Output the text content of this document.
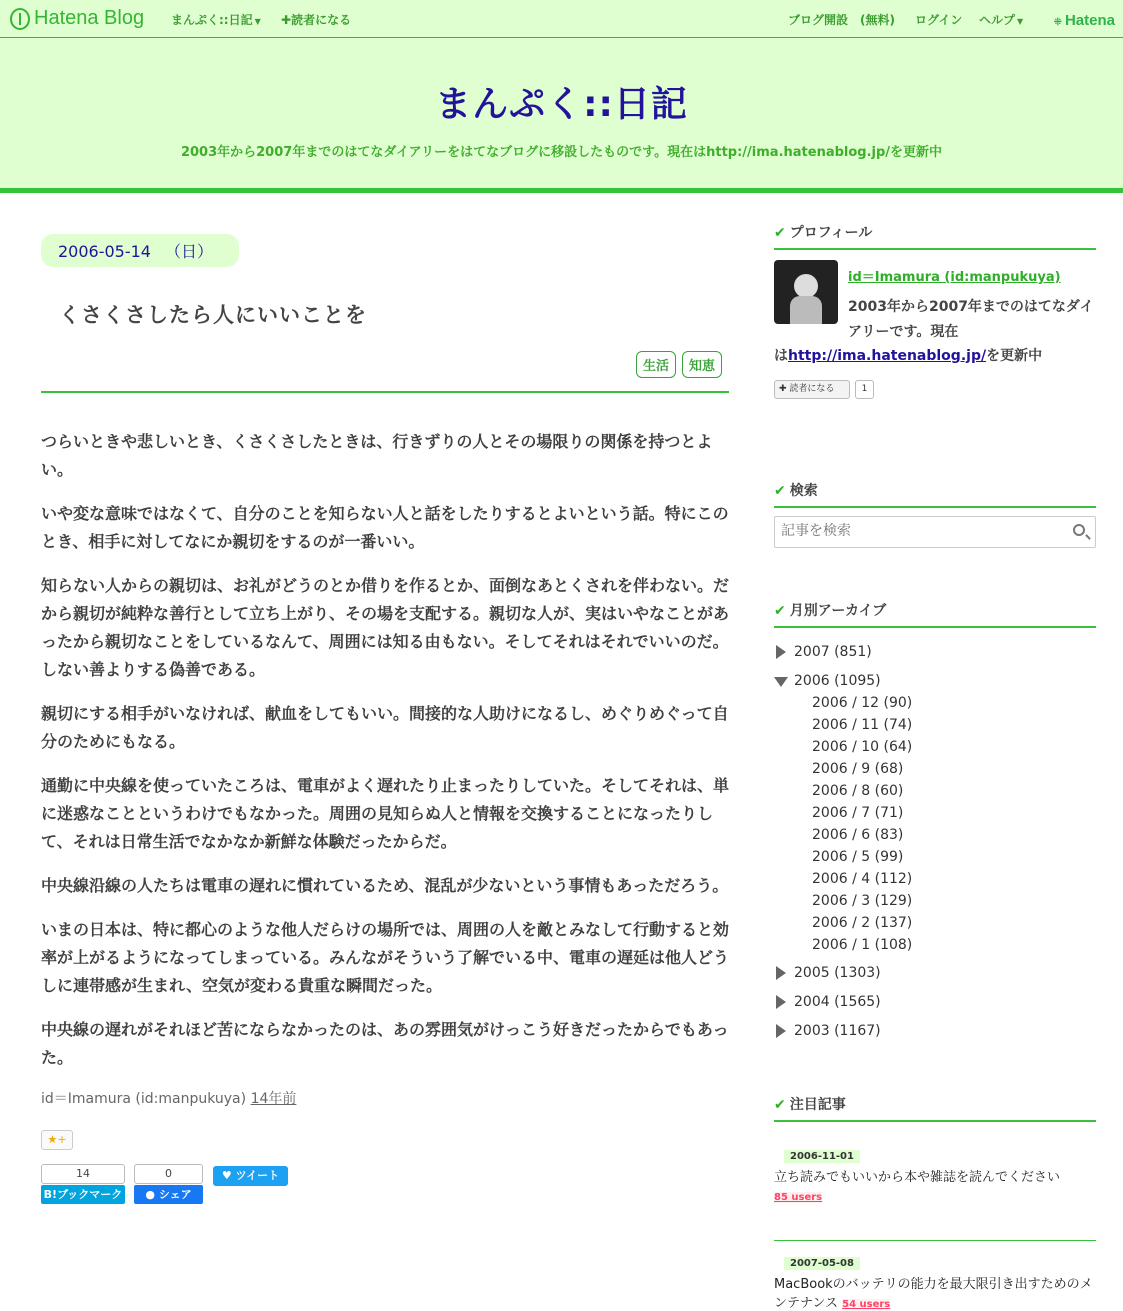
Hatena Blog まんぷく::日記 ▼ ✚読者になる	ブログ開設　(無料) ログイン ヘルプ ▼	⁜ Hatena
まんぷく::日記
2003年から2007年までのはてなダイアリーをはてなブログに移設したものです。現在はhttp://ima.hatenablog.jp/を更新中
2006-05-14 （日）
くさくさしたら人にいいことを
生活 知恵

つらいときや悲しいとき、くさくさしたときは、行きずりの人とその場限りの関係を持つとよい。

いや変な意味ではなくて、自分のことを知らない人と話をしたりするとよいという話。特にこのとき、相手に対してなにか親切をするのが一番いい。

知らない人からの親切は、お礼がどうのとか借りを作るとか、面倒なあとくされを伴わない。だから親切が純粋な善行として立ち上がり、その場を支配する。親切な人が、実はいやなことがあったから親切なことをしているなんて、周囲には知る由もない。そしてそれはそれでいいのだ。しない善よりする偽善である。

親切にする相手がいなければ、献血をしてもいい。間接的な人助けになるし、めぐりめぐって自分のためにもなる。

通勤に中央線を使っていたころは、電車がよく遅れたり止まったりしていた。そしてそれは、単に迷惑なことというわけでもなかった。周囲の見知らぬ人と情報を交換することになったりして、それは日常生活でなかなか新鮮な体験だったからだ。

中央線沿線の人たちは電車の遅れに慣れているため、混乱が少ないという事情もあっただろう。

いまの日本は、特に都心のような他人だらけの場所では、周囲の人を敵とみなして行動すると効率が上がるようになってしまっている。みんながそういう了解でいる中、電車の遅延は他人どうしに連帯感が生まれ、空気が変わる貴重な瞬間だった。

中央線の遅れがそれほど苦にならなかったのは、あの雰囲気がけっこう好きだったからでもあった。

id＝Imamura (id:manpukuya) 14年前
★+
14
B!ブックマーク
0
● シェア
♥ ツイート
✔ プロフィール
id＝Imamura (id:manpukuya)
2003年から2007年までのはてなダイアリーです。現在
はhttp://ima.hatenablog.jp/を更新中
✚ 読者になる	1
✔ 検索
記事を検索
✔ 月別アーカイブ
2007 (851)
2006 (1095)
2006 / 12 (90)
2006 / 11 (74)
2006 / 10 (64)
2006 / 9 (68)
2006 / 8 (60)
2006 / 7 (71)
2006 / 6 (83)
2006 / 5 (99)
2006 / 4 (112)
2006 / 3 (129)
2006 / 2 (137)
2006 / 1 (108)
2005 (1303)
2004 (1565)
2003 (1167)
✔ 注目記事
2006-11-01
立ち読みでもいいから本や雑誌を読んでください
85 users
2007-05-08
MacBookのバッテリの能力を最大限引き出すためのメンテナンス 54 users
